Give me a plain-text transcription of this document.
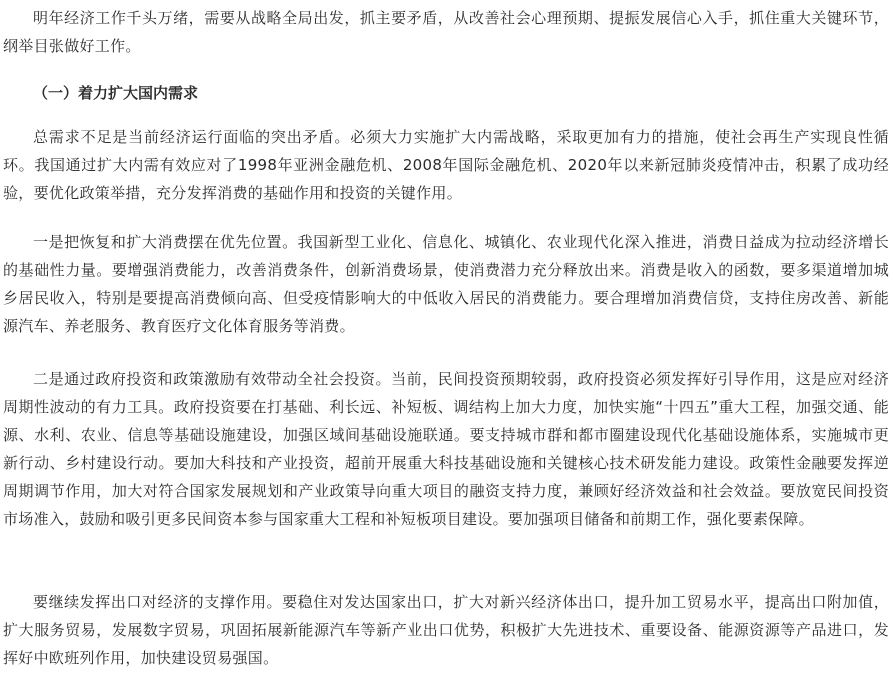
明年经济工作千头万绪，需要从战略全局出发，抓主要矛盾，从改善社会心理预期、提振发展信心入手，抓住重大关键环节，纲举目张做好工作。

（一）着力扩大国内需求

总需求不足是当前经济运行面临的突出矛盾。必须大力实施扩大内需战略，采取更加有力的措施，使社会再生产实现良性循环。我国通过扩大内需有效应对了1998年亚洲金融危机、2008年国际金融危机、2020年以来新冠肺炎疫情冲击，积累了成功经验，要优化政策举措，充分发挥消费的基础作用和投资的关键作用。

一是把恢复和扩大消费摆在优先位置。我国新型工业化、信息化、城镇化、农业现代化深入推进，消费日益成为拉动经济增长的基础性力量。要增强消费能力，改善消费条件，创新消费场景，使消费潜力充分释放出来。消费是收入的函数，要多渠道增加城乡居民收入，特别是要提高消费倾向高、但受疫情影响大的中低收入居民的消费能力。要合理增加消费信贷，支持住房改善、新能源汽车、养老服务、教育医疗文化体育服务等消费。

二是通过政府投资和政策激励有效带动全社会投资。当前，民间投资预期较弱，政府投资必须发挥好引导作用，这是应对经济周期性波动的有力工具。政府投资要在打基础、利长远、补短板、调结构上加大力度，加快实施“十四五”重大工程，加强交通、能源、水利、农业、信息等基础设施建设，加强区域间基础设施联通。要支持城市群和都市圈建设现代化基础设施体系，实施城市更新行动、乡村建设行动。要加大科技和产业投资，超前开展重大科技基础设施和关键核心技术研发能力建设。政策性金融要发挥逆周期调节作用，加大对符合国家发展规划和产业政策导向重大项目的融资支持力度，兼顾好经济效益和社会效益。要放宽民间投资市场准入，鼓励和吸引更多民间资本参与国家重大工程和补短板项目建设。要加强项目储备和前期工作，强化要素保障。

要继续发挥出口对经济的支撑作用。要稳住对发达国家出口，扩大对新兴经济体出口，提升加工贸易水平，提高出口附加值，扩大服务贸易，发展数字贸易，巩固拓展新能源汽车等新产业出口优势，积极扩大先进技术、重要设备、能源资源等产品进口，发挥好中欧班列作用，加快建设贸易强国。
